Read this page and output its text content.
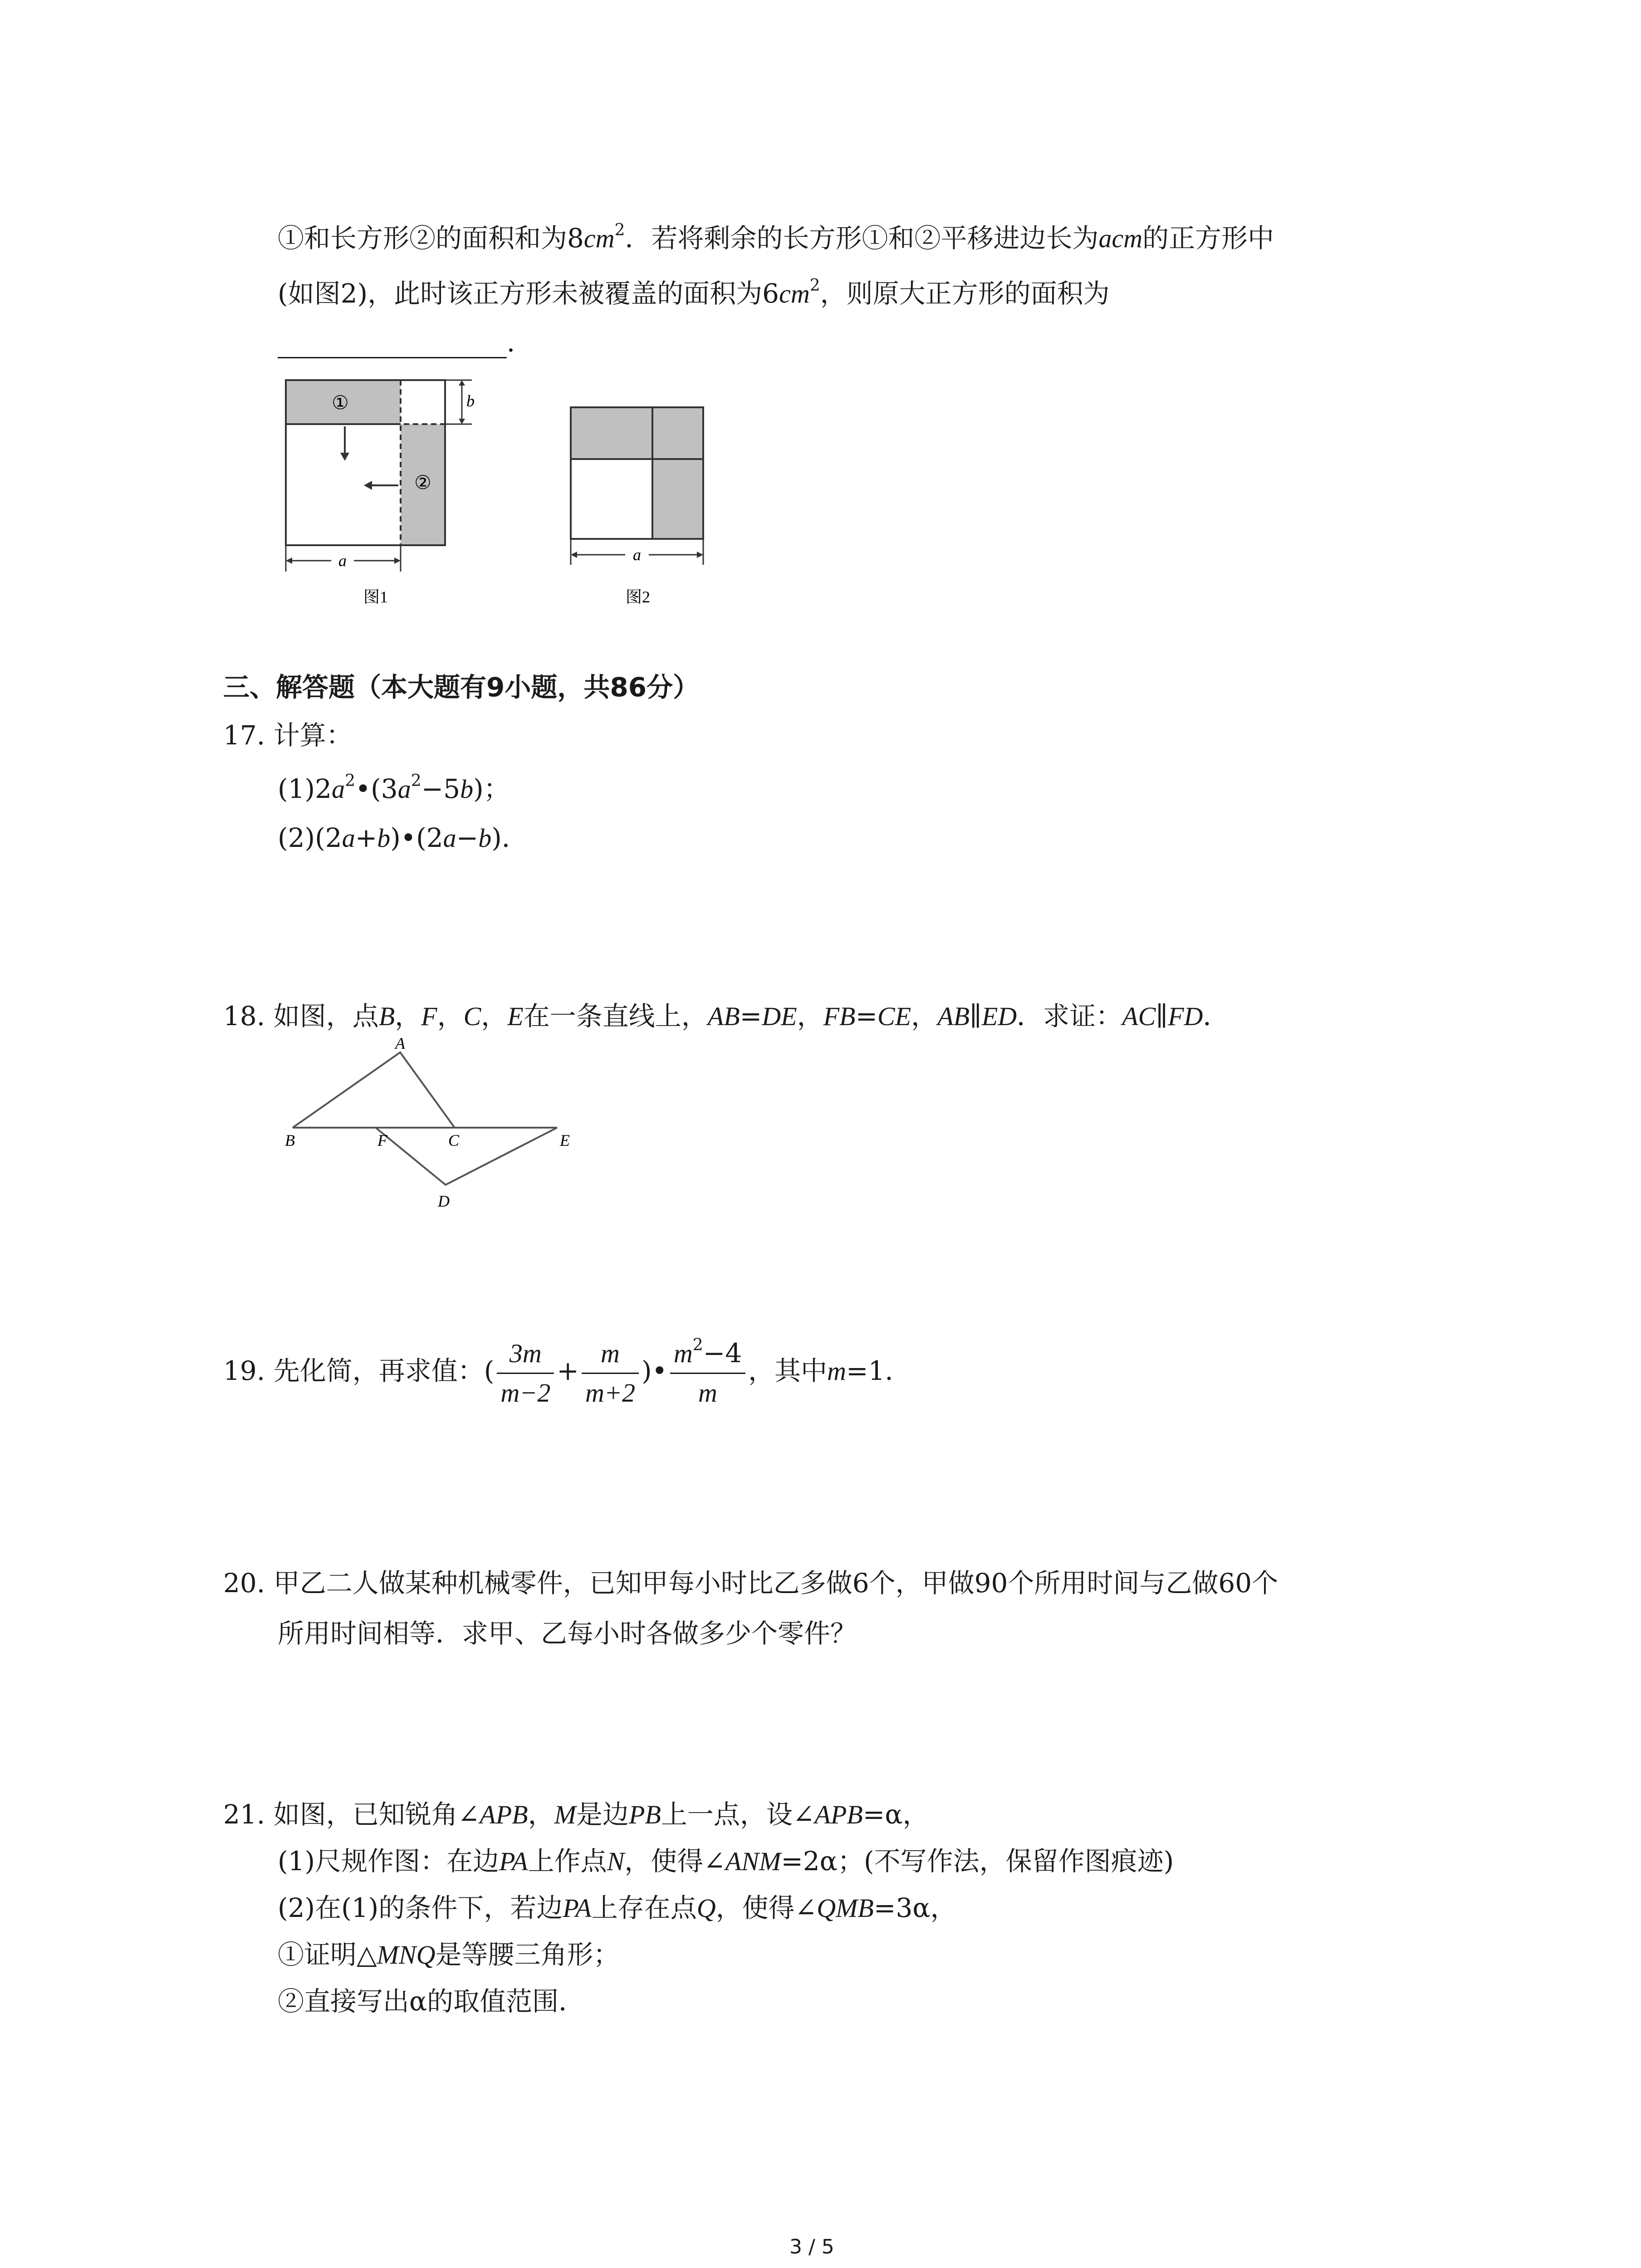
①和长方形②的面积和为$8cm^2$．若将剩余的长方形①和②平移进边长为acm的正方形中
(如图2)，此时该正方形未被覆盖的面积为$6cm^2$，则原大正方形的面积为
．
①
②
b
a
图1
a
图2
三、解答题（本大题有9小题，共86分）
17. 计算：
$(1)2a^2•(3a^2-5b)$；
(2)(2a+b)•(2a−b)．
18. 如图，点B，F，C，E在一条直线上，AB=DE，FB=CE，AB∥ED．求证：AC∥FD．
A
B	F	C	E
D
19. 先化简，再求值：( $\frac{3m}{m-2} + \frac{m}{m+2}$ )• $\frac{m^2-4}{m}$ ，其中m=1．
20. 甲乙二人做某种机械零件，已知甲每小时比乙多做6个，甲做90个所用时间与乙做60个
所用时间相等．求甲、乙每小时各做多少个零件？
21. 如图，已知锐角∠APB，M是边PB上一点，设∠APB=α，
(1)尺规作图：在边PA上作点N，使得∠ANM=2α；(不写作法，保留作图痕迹)
(2)在(1)的条件下，若边PA上存在点Q，使得∠QMB=3α，
①证明△MNQ是等腰三角形；
②直接写出α的取值范围．
3 / 5
